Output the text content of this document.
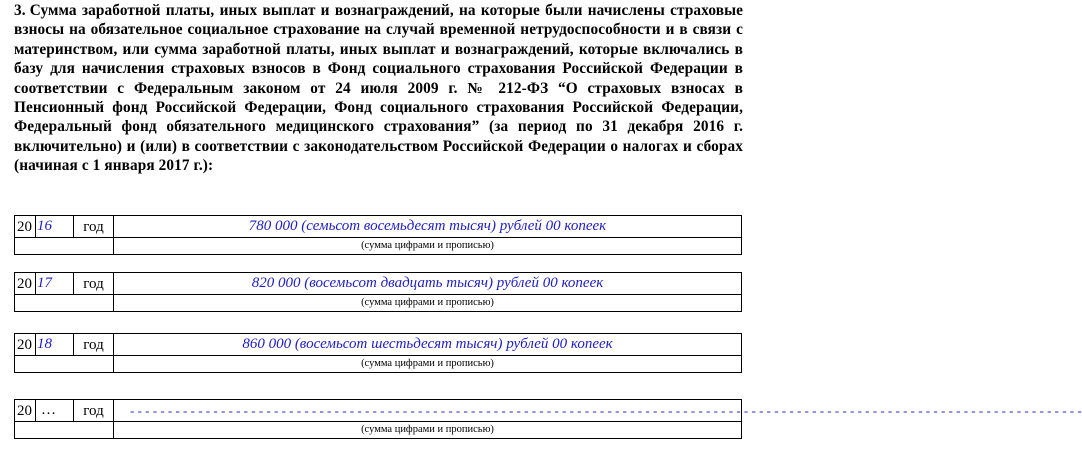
3. Сумма заработной платы, иных выплат и вознаграждений, на которые были начислены страховые взносы на обязательное социальное страхование на случай временной нетрудоспособности и в связи с материнством, или сумма заработной платы, иных выплат и вознаграждений, которые включались в базу для начисления страховых взносов в Фонд социального страхования Российской Федерации в соответствии с Федеральным законом от 24 июля 2009 г. № 212-ФЗ “О страховых взносах в Пенсионный фонд Российской Федерации, Фонд социального страхования Российской Федерации, Федеральный фонд обязательного медицинского страхования” (за период по 31 декабря 2016 г. включительно) и (или) в соответствии с законодательством Российской Федерации о налогах и сборах (начиная с 1 января 2017 г.):
20 16	год	780 000 (семьсот восемьдесят тысяч) рублей 00 копеек
(сумма цифрами и прописью)
20 17	год	820 000 (восемьсот двадцать тысяч) рублей 00 копеек
(сумма цифрами и прописью)
20 18	год	860 000 (восемьсот шестьдесят тысяч) рублей 00 копеек
(сумма цифрами и прописью)
20 …	год	- - - - - - - - - - - - - - - - - - - - - - - - - - - - - - - - - - - - - - - - - - - - - - - - - - - - - - - - - - - - - - - - - - - - - - - - - - - - - - - - - - - - - - - - - - - - - - - - - - - - - - - - - - - - - - - - - - - - - - - - - - - - - -
(сумма цифрами и прописью)
